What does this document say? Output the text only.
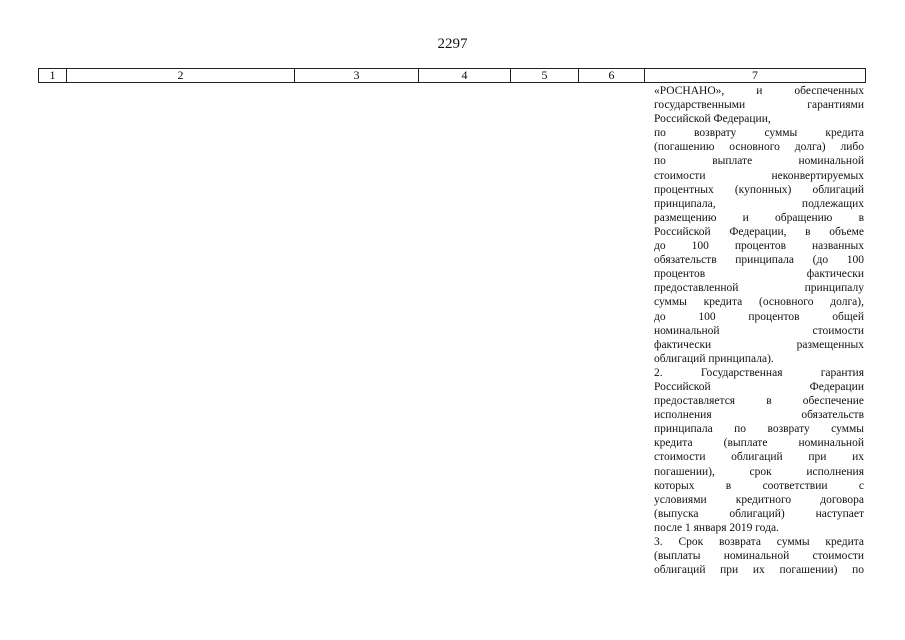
2297
1	2	3	4	5	6	7
«РОСНАНО», и обеспеченных
государственными гарантиями
Российской Федерации,
по возврату суммы кредита
(погашению основного долга) либо
по выплате номинальной
стоимости неконвертируемых
процентных (купонных) облигаций
принципала, подлежащих
размещению и обращению в
Российской Федерации, в объеме
до 100 процентов названных
обязательств принципала (до 100
процентов фактически
предоставленной принципалу
суммы кредита (основного долга),
до 100 процентов общей
номинальной стоимости
фактически размещенных
облигаций принципала).
2. Государственная гарантия
Российской Федерации
предоставляется в обеспечение
исполнения обязательств
принципала по возврату суммы
кредита (выплате номинальной
стоимости облигаций при их
погашении), срок исполнения
которых в соответствии с
условиями кредитного договора
(выпуска облигаций) наступает
после 1 января 2019 года.
3. Срок возврата суммы кредита
(выплаты номинальной стоимости
облигаций при их погашении) по
